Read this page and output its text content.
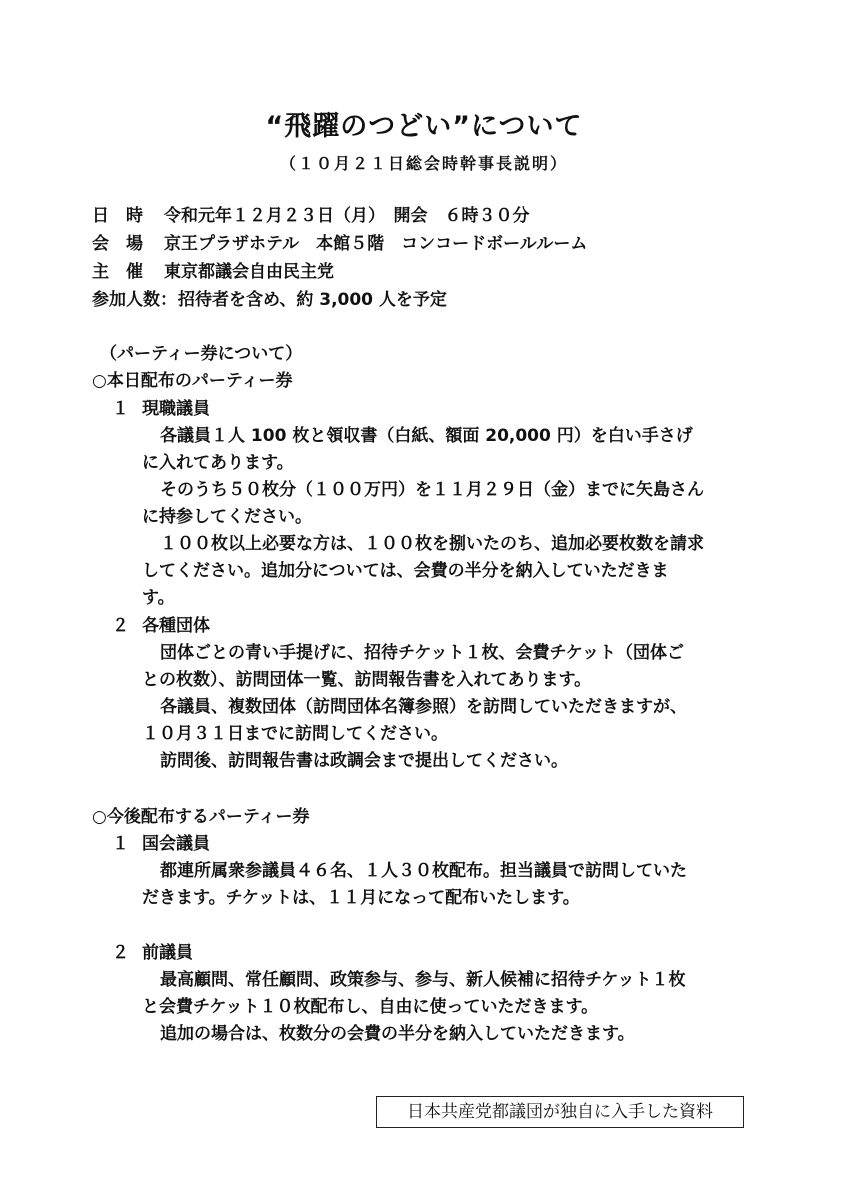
“飛躍のつどい”について
（１０月２１日総会時幹事長説明）
日　時 令和元年１２月２３日（月）　開会　６時３０分
会　場 京王プラザホテル　本館５階　コンコードボールルーム
主　催 東京都議会自由民主党
参加人数： 招待者を含め、約 3,000 人を予定
（パーティー券について）
○本日配布のパーティー券
１ 現職議員
各議員１人 100 枚と領収書（白紙、額面 20,000 円）を白い手さげ
に入れてあります。
そのうち５０枚分（１００万円）を１１月２９日（金）までに矢島さん
に持参してください。
１００枚以上必要な方は、１００枚を捌いたのち、追加必要枚数を請求
してください。追加分については、会費の半分を納入していただきま
す。
２ 各種団体
団体ごとの青い手提げに、招待チケット１枚、会費チケット（団体ご
との枚数）、訪問団体一覧、訪問報告書を入れてあります。
各議員、複数団体（訪問団体名簿参照）を訪問していただきますが、
１０月３１日までに訪問してください。
訪問後、訪問報告書は政調会まで提出してください。
○今後配布するパーティー券
１ 国会議員
都連所属衆参議員４６名、１人３０枚配布。担当議員で訪問していた
だきます。チケットは、１１月になって配布いたします。
２ 前議員
最高顧問、常任顧問、政策参与、参与、新人候補に招待チケット１枚
と会費チケット１０枚配布し、自由に使っていただきます。
追加の場合は、枚数分の会費の半分を納入していただきます。
日本共産党都議団が独自に入手した資料
